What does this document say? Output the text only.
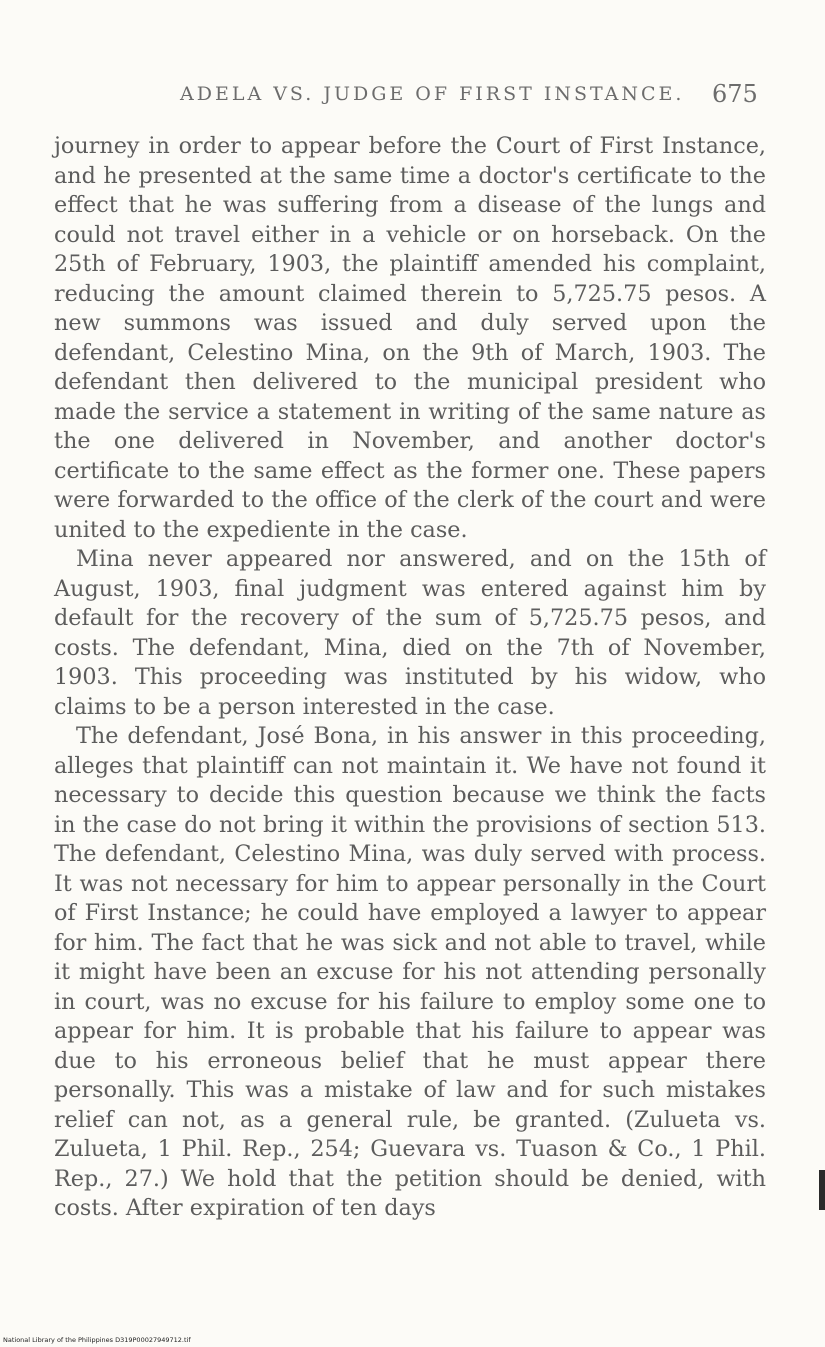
ADELA VS. JUDGE OF FIRST INSTANCE. 675

journey in order to appear before the Court of First Instance, and he presented at the same time a doctor's certificate to the effect that he was suffering from a disease of the lungs and could not travel either in a vehicle or on horseback. On the 25th of February, 1903, the plaintiff amended his complaint, reducing the amount claimed therein to 5,725.75 pesos. A new summons was issued and duly served upon the defendant, Celestino Mina, on the 9th of March, 1903. The defendant then delivered to the municipal president who made the service a statement in writing of the same nature as the one delivered in November, and another doctor's certificate to the same effect as the former one. These papers were forwarded to the office of the clerk of the court and were united to the expediente in the case.

Mina never appeared nor answered, and on the 15th of August, 1903, final judgment was entered against him by default for the recovery of the sum of 5,725.75 pesos, and costs. The defendant, Mina, died on the 7th of November, 1903. This proceeding was instituted by his widow, who claims to be a person interested in the case.

The defendant, José Bona, in his answer in this proceeding, alleges that plaintiff can not maintain it. We have not found it necessary to decide this question because we think the facts in the case do not bring it within the provisions of section 513. The defendant, Celestino Mina, was duly served with process. It was not necessary for him to appear personally in the Court of First Instance; he could have employed a lawyer to appear for him. The fact that he was sick and not able to travel, while it might have been an excuse for his not attending personally in court, was no excuse for his failure to employ some one to appear for him. It is probable that his failure to appear was due to his erroneous belief that he must appear there personally. This was a mistake of law and for such mistakes relief can not, as a general rule, be granted. (Zulueta vs. Zulueta, 1 Phil. Rep., 254; Guevara vs. Tuason & Co., 1 Phil. Rep., 27.) We hold that the petition should be denied, with costs. After expiration of ten days

National Library of the Philippines D319P00027949712.tif
